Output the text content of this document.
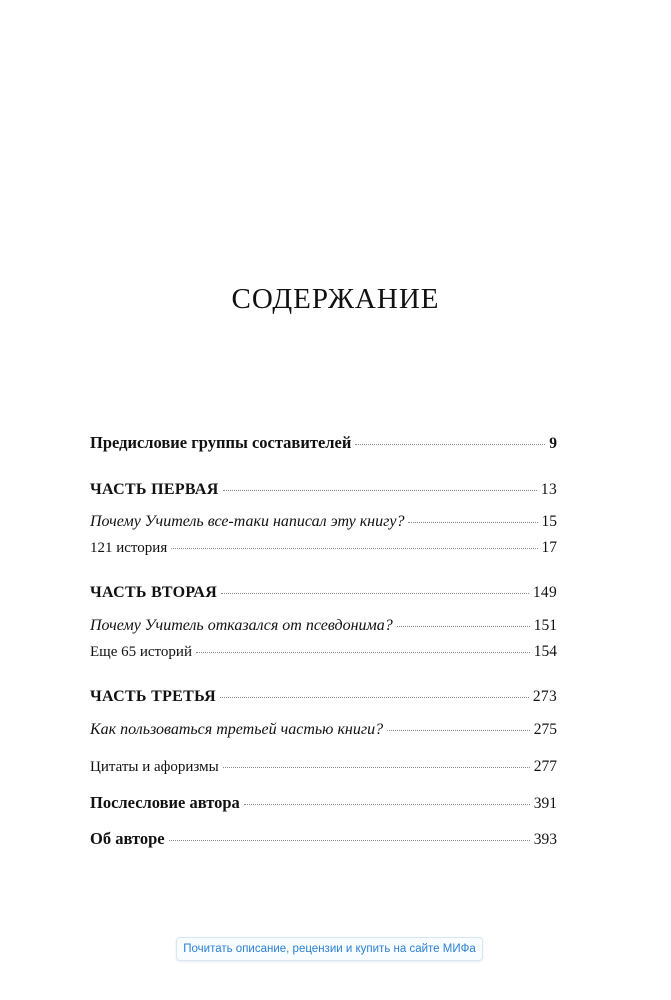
СОДЕРЖАНИЕ
Предисловие группы составителей	9
ЧАСТЬ ПЕРВАЯ	13
Почему Учитель все-таки написал эту книгу?	15
121 история	17
ЧАСТЬ ВТОРАЯ	149
Почему Учитель отказался от псевдонима?	151
Еще 65 историй	154
ЧАСТЬ ТРЕТЬЯ	273
Как пользоваться третьей частью книги?	275
Цитаты и афоризмы	277
Послесловие автора	391
Об авторе	393
Почитать описание, рецензии и купить на сайте МИФа
